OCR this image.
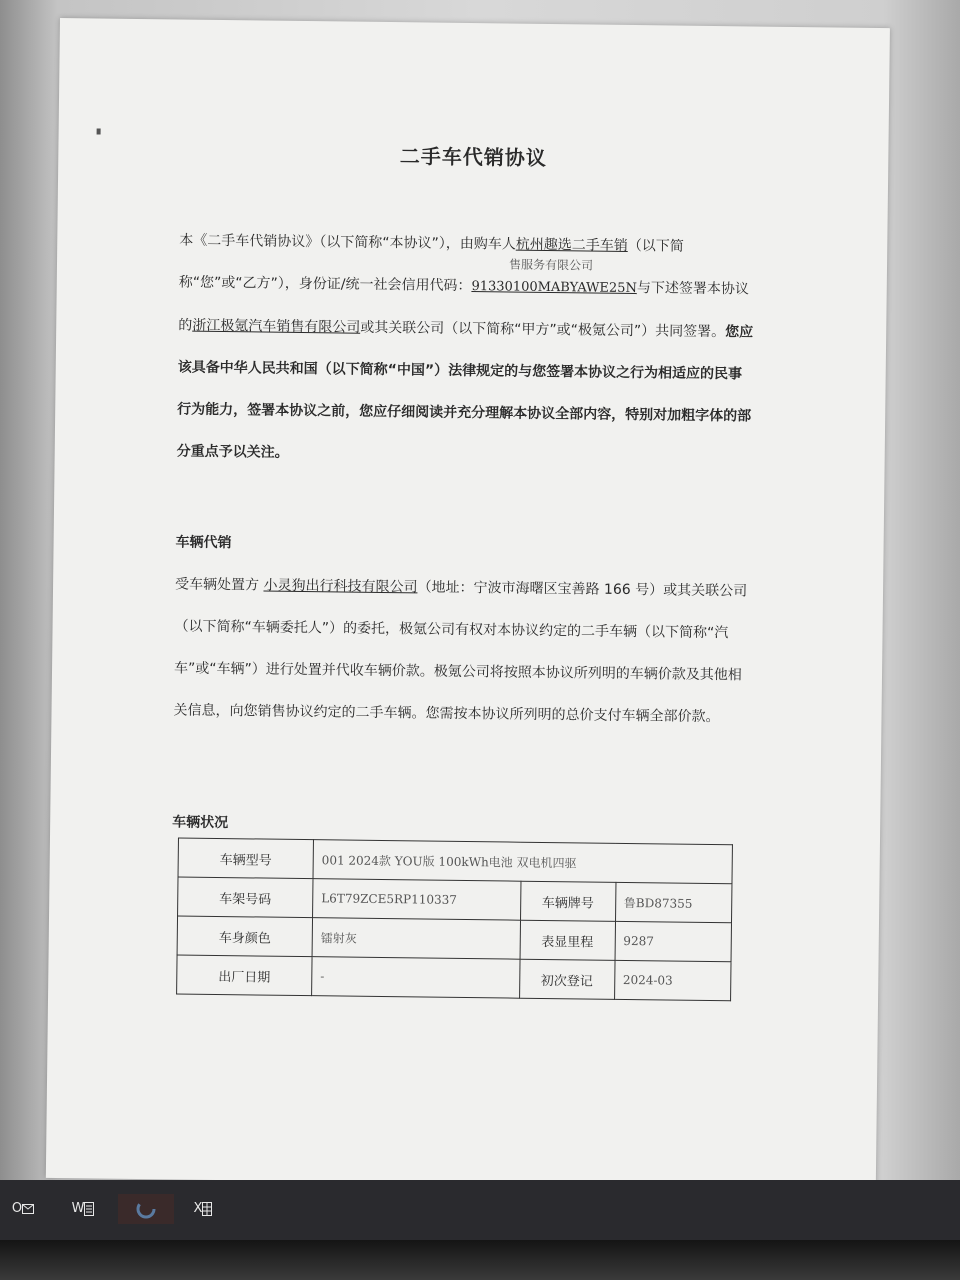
二手车代销协议
本《二手车代销协议》（以下简称“本协议”），由购车人杭州趣选二手车销（以下简称“您”或“乙方”），身份证/统一社会信用代码：91330100MABYAWE25N与下述签署本协议的浙江极氪汽车销售有限公司或其关联公司（以下简称“甲方”或“极氪公司”）共同签署。您应该具备中华人民共和国（以下简称“中国”）法律规定的与您签署本协议之行为相适应的民事行为能力，签署本协议之前，您应仔细阅读并充分理解本协议全部内容，特别对加粗字体的部分重点予以关注。
售服务有限公司
车辆代销
受车辆处置方 小灵狗出行科技有限公司（地址：宁波市海曙区宝善路 166 号）或其关联公司（以下简称“车辆委托人”）的委托，极氪公司有权对本协议约定的二手车辆（以下简称“汽车”或“车辆”）进行处置并代收车辆价款。极氪公司将按照本协议所列明的车辆价款及其他相关信息，向您销售协议约定的二手车辆。您需按本协议所列明的总价支付车辆全部价款。
车辆状况
车辆型号	001 2024款 YOU版 100kWh电池 双电机四驱		
车架号码	L6T79ZCE5RP110337	车辆牌号	鲁BD87355
车身颜色	镭射灰	表显里程	9287
出厂日期	-	初次登记	2024-03
O	W	X
